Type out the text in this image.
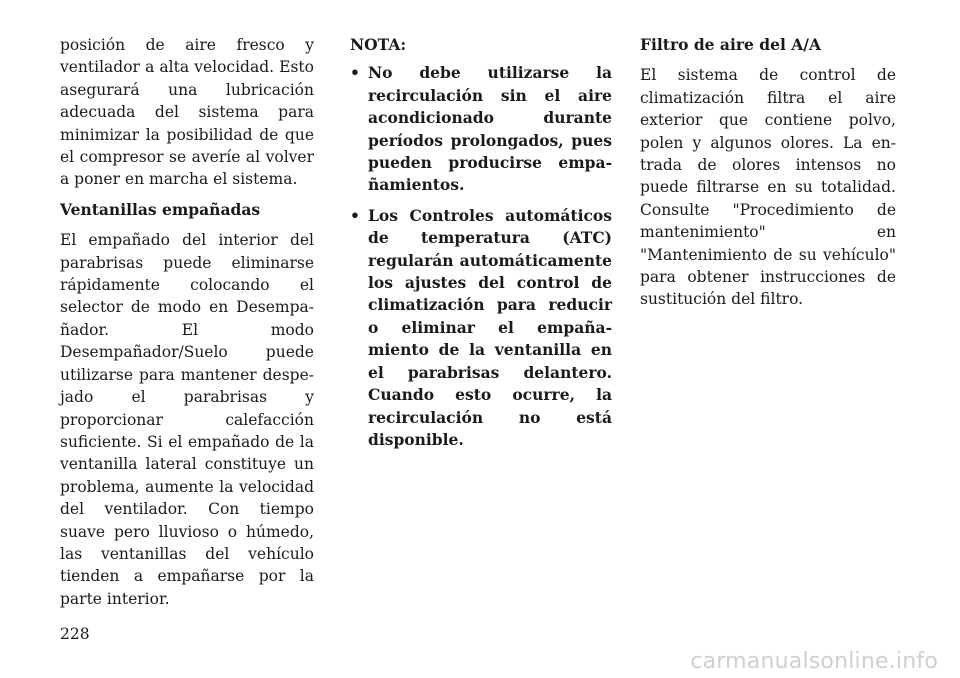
posición de aire fresco y ventilador a alta velocidad. Esto asegurará una lubricación adecuada del sistema para minimizar la posibilidad de que el compresor se averíe al volver a poner en marcha el sistema.

Ventanillas empañadas

El empañado del interior del parabrisas puede eliminarse rápidamente colocando el selector de modo en Desempañador. El modo Desempañador/Suelo puede utilizarse para mantener despejado el parabrisas y proporcionar calefacción suficiente. Si el empañado de la ventanilla lateral constituye un problema, aumente la velocidad del ventilador. Con tiempo suave pero lluvioso o húmedo, las ventanillas del vehículo tienden a empañarse por la parte interior.

NOTA:
• No debe utilizarse la recirculación sin el aire acondicionado durante períodos prolongados, pues pueden producirse empañamientos.
• Los Controles automáticos de temperatura (ATC) regularán automáticamente los ajustes del control de climatización para reducir o eliminar el empañamiento de la ventanilla en el parabrisas delantero. Cuando esto ocurre, la recirculación no está disponible.
Filtro de aire del A/A

El sistema de control de climatización filtra el aire exterior que contiene polvo, polen y algunos olores. La entrada de olores intensos no puede filtrarse en su totalidad. Consulte "Procedimiento de mantenimiento" en "Mantenimiento de su vehículo" para obtener instrucciones de sustitución del filtro.

228
carmanualsonline.info
